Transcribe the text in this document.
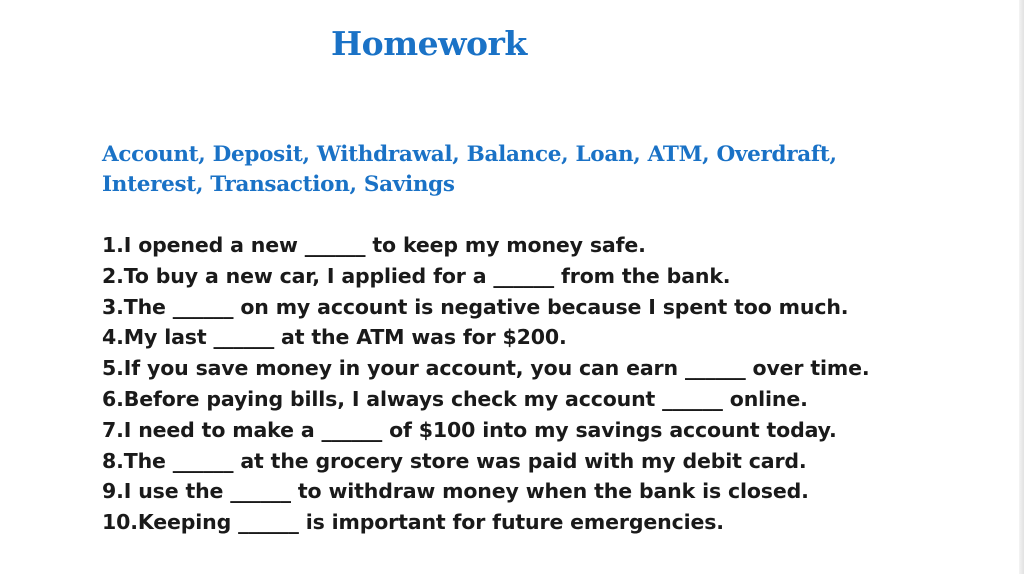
Homework

Account, Deposit, Withdrawal, Balance, Loan, ATM, Overdraft, Interest, Transaction, Savings

1.I opened a new ______ to keep my money safe.
2.To buy a new car, I applied for a ______ from the bank.
3.The ______ on my account is negative because I spent too much.
4.My last ______ at the ATM was for $200.
5.If you save money in your account, you can earn ______ over time.
6.Before paying bills, I always check my account ______ online.
7.I need to make a ______ of $100 into my savings account today.
8.The ______ at the grocery store was paid with my debit card.
9.I use the ______ to withdraw money when the bank is closed.
10.Keeping ______ is important for future emergencies.
